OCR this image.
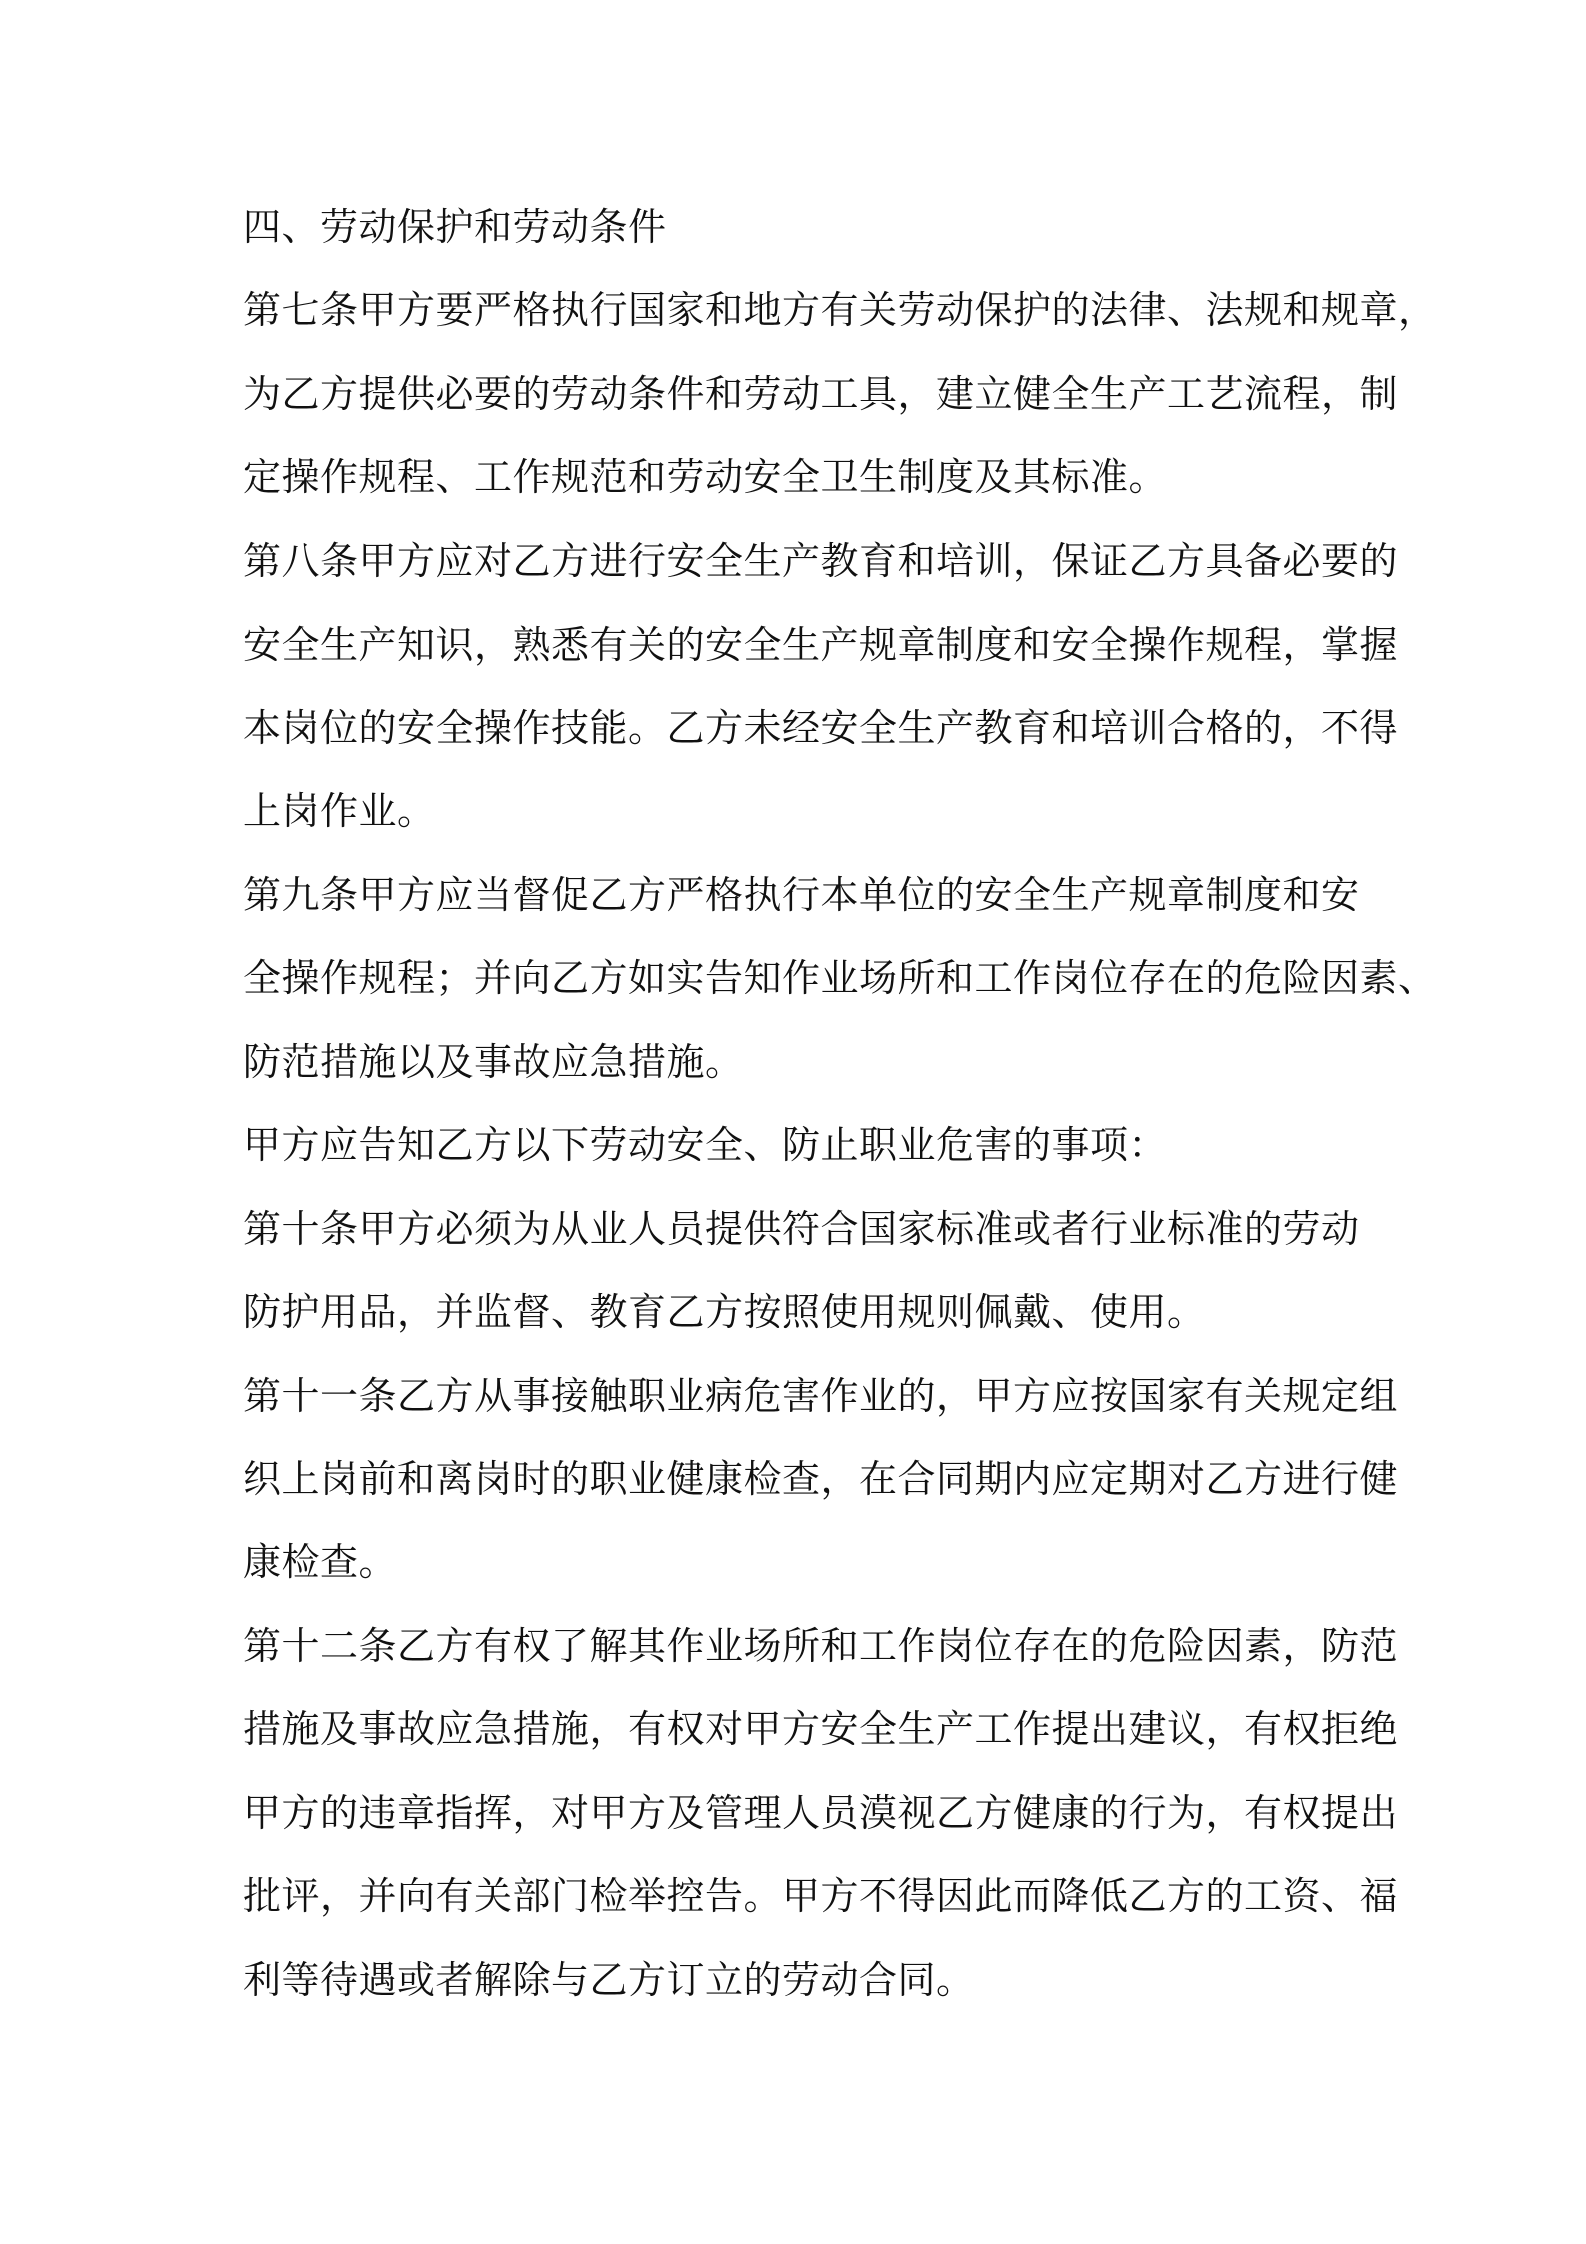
四、劳动保护和劳动条件
第七条甲方要严格执行国家和地方有关劳动保护的法律、法规和规章，
为乙方提供必要的劳动条件和劳动工具，建立健全生产工艺流程，制
定操作规程、工作规范和劳动安全卫生制度及其标准。
第八条甲方应对乙方进行安全生产教育和培训，保证乙方具备必要的
安全生产知识，熟悉有关的安全生产规章制度和安全操作规程，掌握
本岗位的安全操作技能。乙方未经安全生产教育和培训合格的，不得
上岗作业。
第九条甲方应当督促乙方严格执行本单位的安全生产规章制度和安
全操作规程；并向乙方如实告知作业场所和工作岗位存在的危险因素、
防范措施以及事故应急措施。
甲方应告知乙方以下劳动安全、防止职业危害的事项：
第十条甲方必须为从业人员提供符合国家标准或者行业标准的劳动
防护用品，并监督、教育乙方按照使用规则佩戴、使用。
第十一条乙方从事接触职业病危害作业的，甲方应按国家有关规定组
织上岗前和离岗时的职业健康检查，在合同期内应定期对乙方进行健
康检查。
第十二条乙方有权了解其作业场所和工作岗位存在的危险因素，防范
措施及事故应急措施，有权对甲方安全生产工作提出建议，有权拒绝
甲方的违章指挥，对甲方及管理人员漠视乙方健康的行为，有权提出
批评，并向有关部门检举控告。甲方不得因此而降低乙方的工资、福
利等待遇或者解除与乙方订立的劳动合同。
